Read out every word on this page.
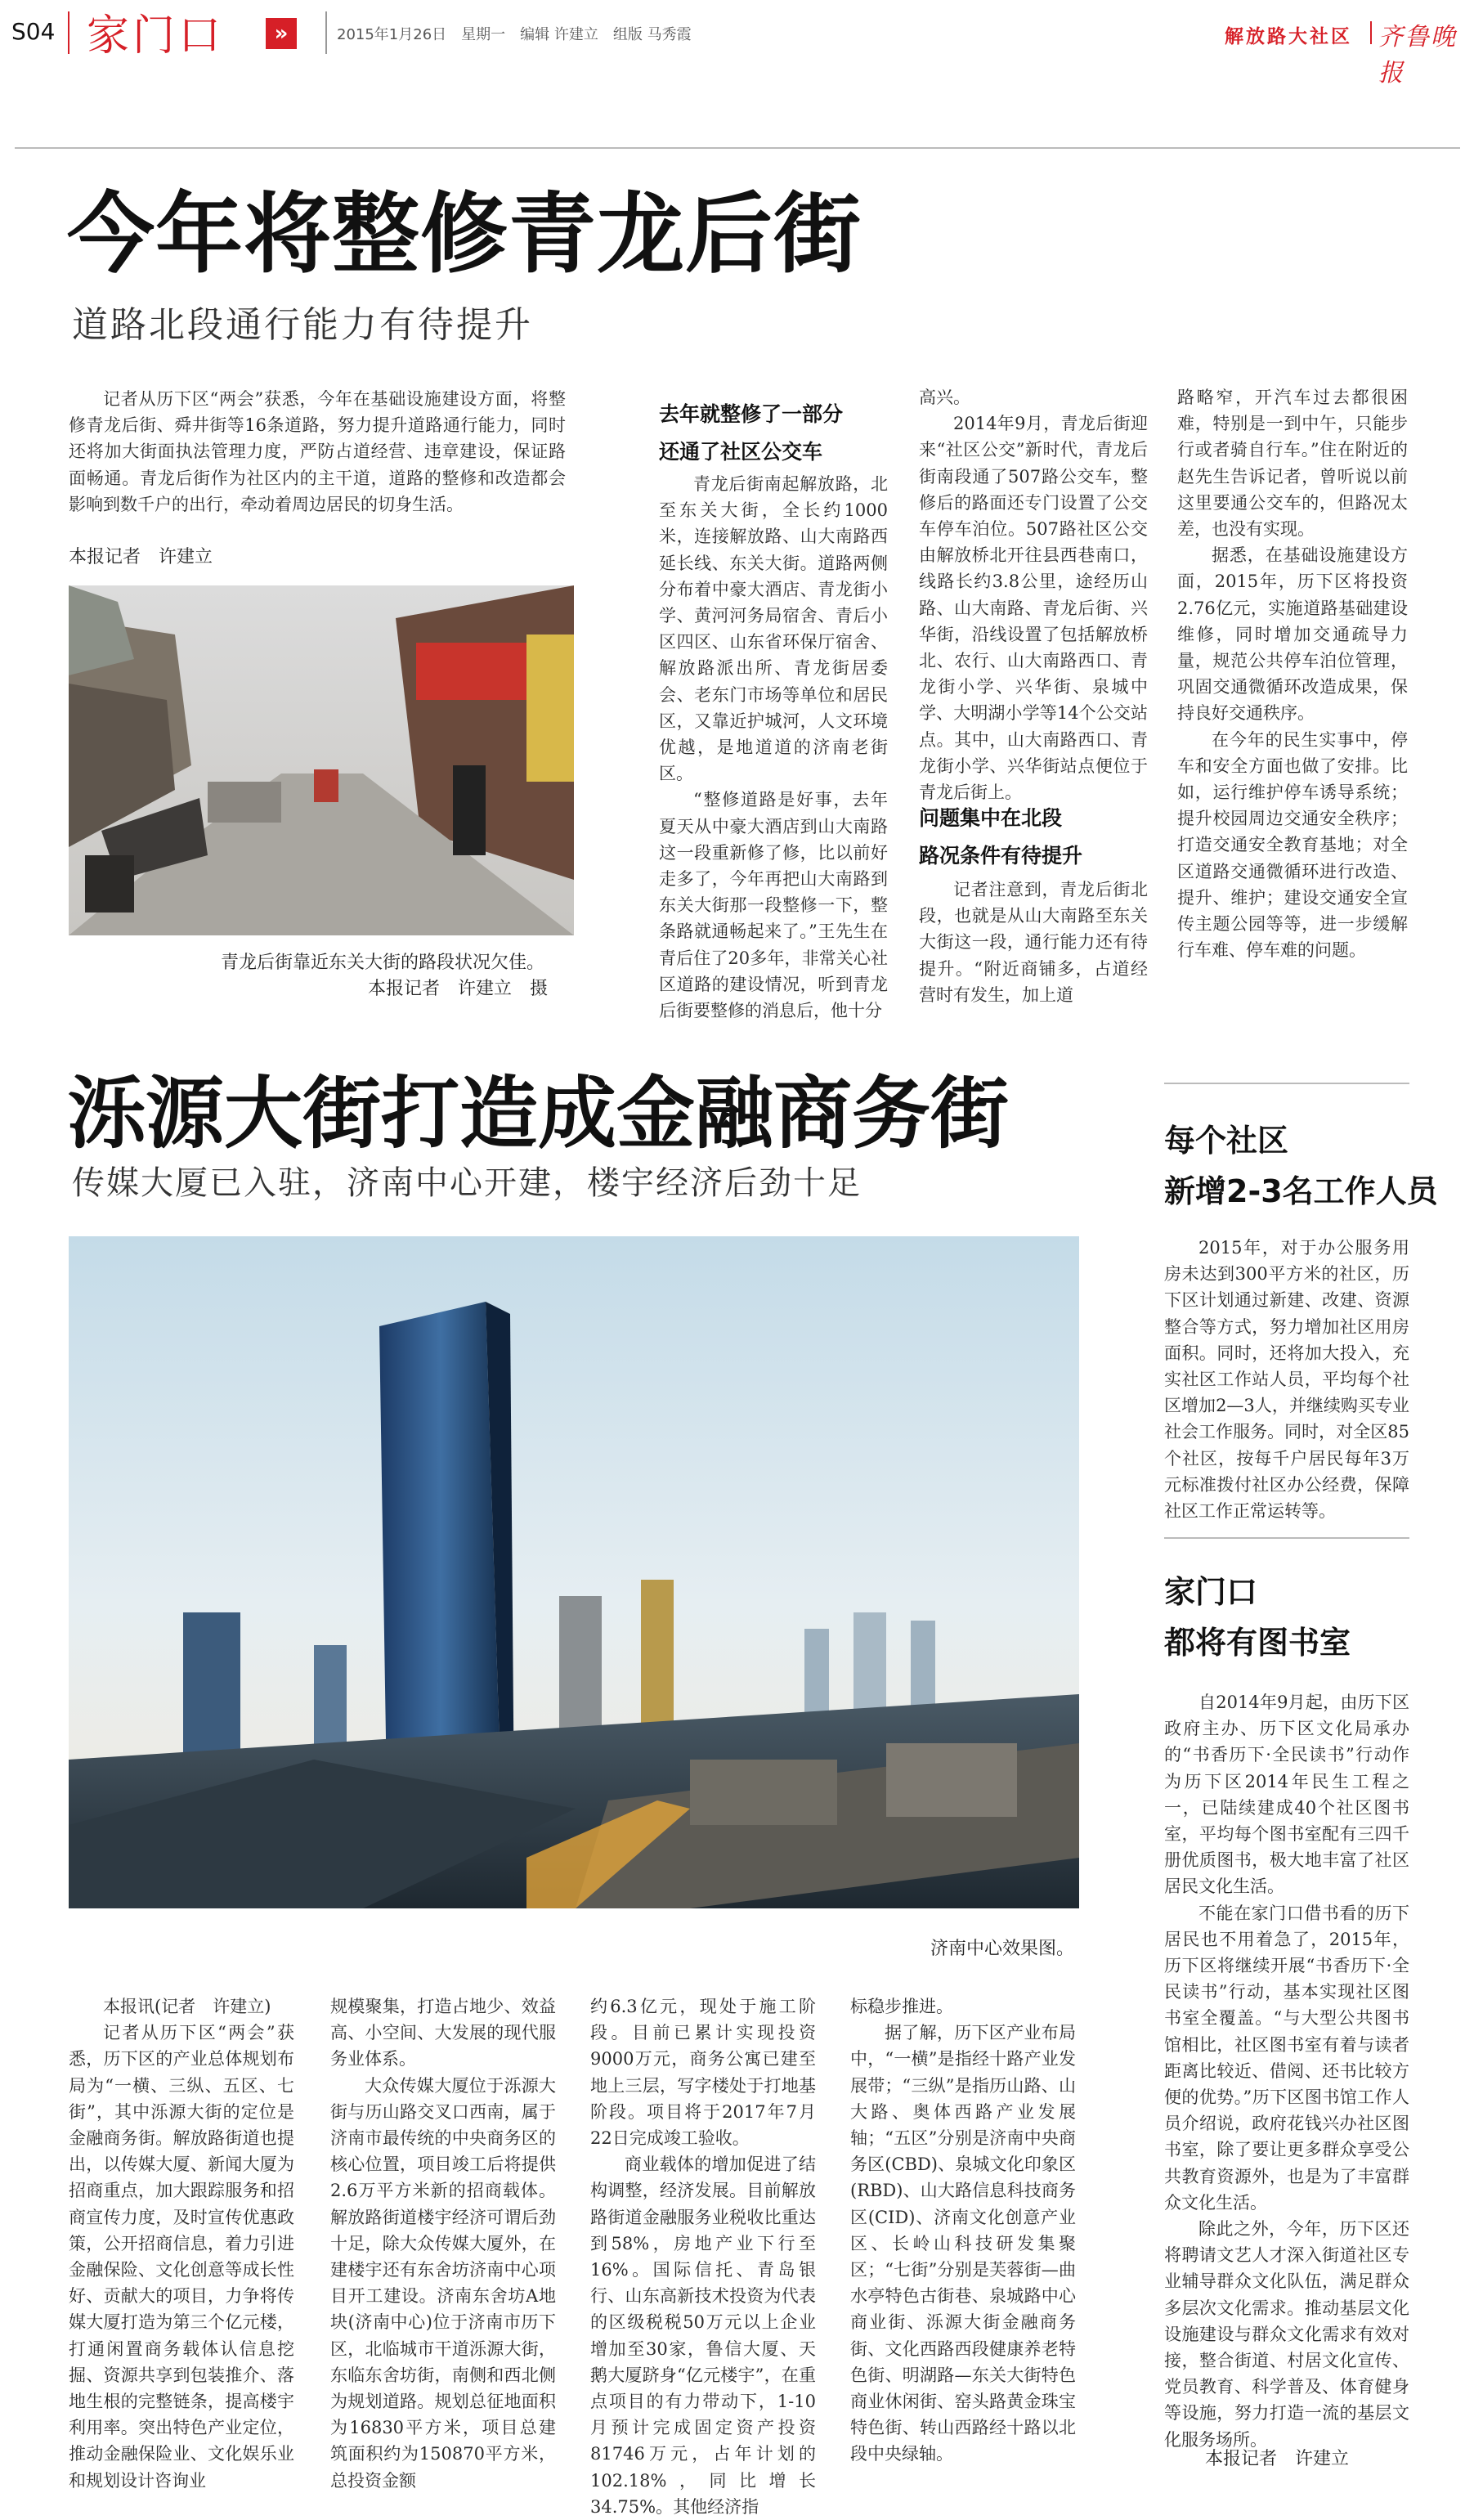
S04 家门口	»	2015年1月26日　星期一　编辑 许建立　组版 马秀霞	解放路大社区 齐鲁晚报
今年将整修青龙后街
道路北段通行能力有待提升

记者从历下区“两会”获悉，今年在基础设施建设方面，将整修青龙后街、舜井街等16条道路，努力提升道路通行能力，同时还将加大街面执法管理力度，严防占道经营、违章建设，保证路面畅通。青龙后街作为社区内的主干道，道路的整修和改造都会影响到数千户的出行，牵动着周边居民的切身生活。

本报记者　许建立
青龙后街靠近东关大街的路段状况欠佳。
本报记者　许建立　摄
去年就整修了一部分
还通了社区公交车

青龙后街南起解放路，北至东关大街，全长约1000米，连接解放路、山大南路西延长线、东关大街。道路两侧分布着中豪大酒店、青龙街小学、黄河河务局宿舍、青后小区四区、山东省环保厅宿舍、解放路派出所、青龙街居委会、老东门市场等单位和居民区，又靠近护城河，人文环境优越，是地道道的济南老街区。

“整修道路是好事，去年夏天从中豪大酒店到山大南路这一段重新修了修，比以前好走多了，今年再把山大南路到东关大街那一段整修一下，整条路就通畅起来了。”王先生在青后住了20多年，非常关心社区道路的建设情况，听到青龙后街要整修的消息后，他十分

高兴。

2014年9月，青龙后街迎来“社区公交”新时代，青龙后街南段通了507路公交车，整修后的路面还专门设置了公交车停车泊位。507路社区公交由解放桥北开往县西巷南口，线路长约3.8公里，途经历山路、山大南路、青龙后街、兴华街，沿线设置了包括解放桥北、农行、山大南路西口、青龙街小学、兴华街、泉城中学、大明湖小学等14个公交站点。其中，山大南路西口、青龙街小学、兴华街站点便位于青龙后街上。

问题集中在北段
路况条件有待提升

记者注意到，青龙后街北段，也就是从山大南路至东关大街这一段，通行能力还有待提升。“附近商铺多，占道经营时有发生，加上道

路略窄，开汽车过去都很困难，特别是一到中午，只能步行或者骑自行车。”住在附近的赵先生告诉记者，曾听说以前这里要通公交车的，但路况太差，也没有实现。

据悉，在基础设施建设方面，2015年，历下区将投资2.76亿元，实施道路基础建设维修，同时增加交通疏导力量，规范公共停车泊位管理，巩固交通微循环改造成果，保持良好交通秩序。

在今年的民生实事中，停车和安全方面也做了安排。比如，运行维护停车诱导系统；提升校园周边交通安全秩序；打造交通安全教育基地；对全区道路交通微循环进行改造、提升、维护；建设交通安全宣传主题公园等等，进一步缓解行车难、停车难的问题。

泺源大街打造成金融商务街
传媒大厦已入驻，济南中心开建，楼宇经济后劲十足
济南中心效果图。

本报讯(记者　许建立)

记者从历下区“两会”获悉，历下区的产业总体规划布局为“一横、三纵、五区、七街”，其中泺源大街的定位是金融商务街。解放路街道也提出，以传媒大厦、新闻大厦为招商重点，加大跟踪服务和招商宣传力度，及时宣传优惠政策，公开招商信息，着力引进金融保险、文化创意等成长性好、贡献大的项目，力争将传媒大厦打造为第三个亿元楼，打通闲置商务载体认信息挖掘、资源共享到包装推介、落地生根的完整链条，提高楼宇利用率。突出特色产业定位，推动金融保险业、文化娱乐业和规划设计咨询业

规模聚集，打造占地少、效益高、小空间、大发展的现代服务业体系。

大众传媒大厦位于泺源大街与历山路交叉口西南，属于济南市最传统的中央商务区的核心位置，项目竣工后将提供2.6万平方米新的招商载体。解放路街道楼宇经济可谓后劲十足，除大众传媒大厦外，在建楼宇还有东舍坊济南中心项目开工建设。济南东舍坊A地块(济南中心)位于济南市历下区，北临城市干道泺源大街，东临东舍坊街，南侧和西北侧为规划道路。规划总征地面积为16830平方米，项目总建筑面积约为150870平方米，总投资金额

约6.3亿元，现处于施工阶段。目前已累计实现投资9000万元，商务公寓已建至地上三层，写字楼处于打地基阶段。项目将于2017年7月22日完成竣工验收。

商业载体的增加促进了结构调整，经济发展。目前解放路街道金融服务业税收比重达到58%，房地产业下行至16%。国际信托、青岛银行、山东高新技术投资为代表的区级税税50万元以上企业增加至30家，鲁信大厦、天鹅大厦跻身“亿元楼宇”，在重点项目的有力带动下，1-10月预计完成固定资产投资81746万元，占年计划的102.18%，同比增长34.75%。其他经济指

标稳步推进。

据了解，历下区产业布局中，“一横”是指经十路产业发展带；“三纵”是指历山路、山大路、奥体西路产业发展轴；“五区”分别是济南中央商务区(CBD)、泉城文化印象区(RBD)、山大路信息科技商务区(CID)、济南文化创意产业区、长岭山科技研发集聚区；“七街”分别是芙蓉街—曲水亭特色古街巷、泉城路中心商业街、泺源大街金融商务街、文化西路西段健康养老特色街、明湖路—东关大街特色商业休闲街、窑头路黄金珠宝特色街、转山西路经十路以北段中央绿轴。

每个社区
新增2-3名工作人员

2015年，对于办公服务用房未达到300平方米的社区，历下区计划通过新建、改建、资源整合等方式，努力增加社区用房面积。同时，还将加大投入，充实社区工作站人员，平均每个社区增加2—3人，并继续购买专业社会工作服务。同时，对全区85个社区，按每千户居民每年3万元标准拨付社区办公经费，保障社区工作正常运转等。

家门口
都将有图书室

自2014年9月起，由历下区政府主办、历下区文化局承办的“书香历下·全民读书”行动作为历下区2014年民生工程之一，已陆续建成40个社区图书室，平均每个图书室配有三四千册优质图书，极大地丰富了社区居民文化生活。

不能在家门口借书看的历下居民也不用着急了，2015年，历下区将继续开展“书香历下·全民读书”行动，基本实现社区图书室全覆盖。“与大型公共图书馆相比，社区图书室有着与读者距离比较近、借阅、还书比较方便的优势。”历下区图书馆工作人员介绍说，政府花钱兴办社区图书室，除了要让更多群众享受公共教育资源外，也是为了丰富群众文化生活。

除此之外，今年，历下区还将聘请文艺人才深入街道社区专业辅导群众文化队伍，满足群众多层次文化需求。推动基层文化设施建设与群众文化需求有效对接，整合街道、村居文化宣传、党员教育、科学普及、体育健身等设施，努力打造一流的基层文化服务场所。

本报记者　许建立
